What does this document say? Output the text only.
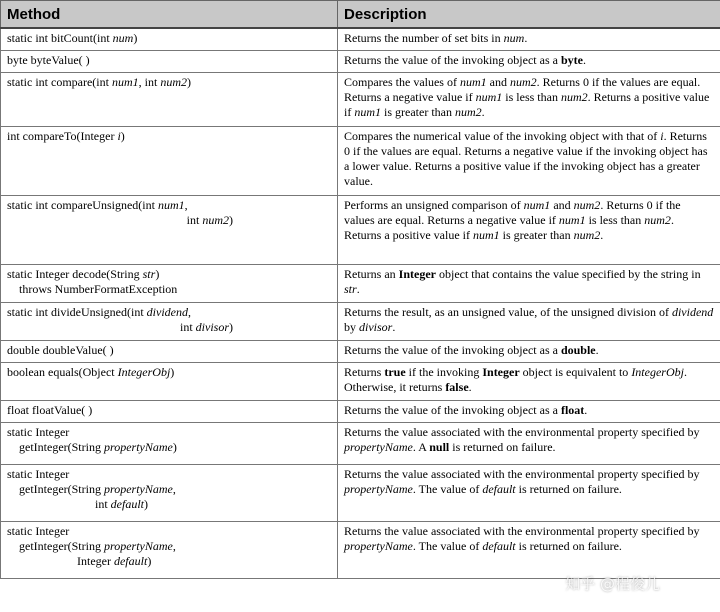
Method	Description
static int bitCount(int num)	Returns the number of set bits in num.
byte byteValue( )	Returns the value of the invoking object as a byte.
static int compare(int num1, int num2)	Compares the values of num1 and num2. Returns 0 if the values are equal. Returns a negative value if num1 is less than num2. Returns a positive value if num1 is greater than num2.
int compareTo(Integer i)	Compares the numerical value of the invoking object with that of i. Returns 0 if the values are equal. Returns a negative value if the invoking object has a lower value. Returns a positive value if the invoking object has a greater value.
static int compareUnsigned(int num1,
int num2)	Performs an unsigned comparison of num1 and num2. Returns 0 if the values are equal. Returns a negative value if num1 is less than num2. Returns a positive value if num1 is greater than num2.
static Integer decode(String str)
throws NumberFormatException	Returns an Integer object that contains the value specified by the string in str.
static int divideUnsigned(int dividend,
int divisor)	Returns the result, as an unsigned value, of the unsigned division of dividend by divisor.
double doubleValue( )	Returns the value of the invoking object as a double.
boolean equals(Object IntegerObj)	Returns true if the invoking Integer object is equivalent to IntegerObj. Otherwise, it returns false.
float floatValue( )	Returns the value of the invoking object as a float.
static Integer
getInteger(String propertyName)	Returns the value associated with the environmental property specified by propertyName. A null is returned on failure.
static Integer
getInteger(String propertyName,
int default)	Returns the value associated with the environmental property specified by propertyName. The value of default is returned on failure.
static Integer
getInteger(String propertyName,
Integer default)	Returns the value associated with the environmental property specified by propertyName. The value of default is returned on failure.
知乎 @程俊儿
